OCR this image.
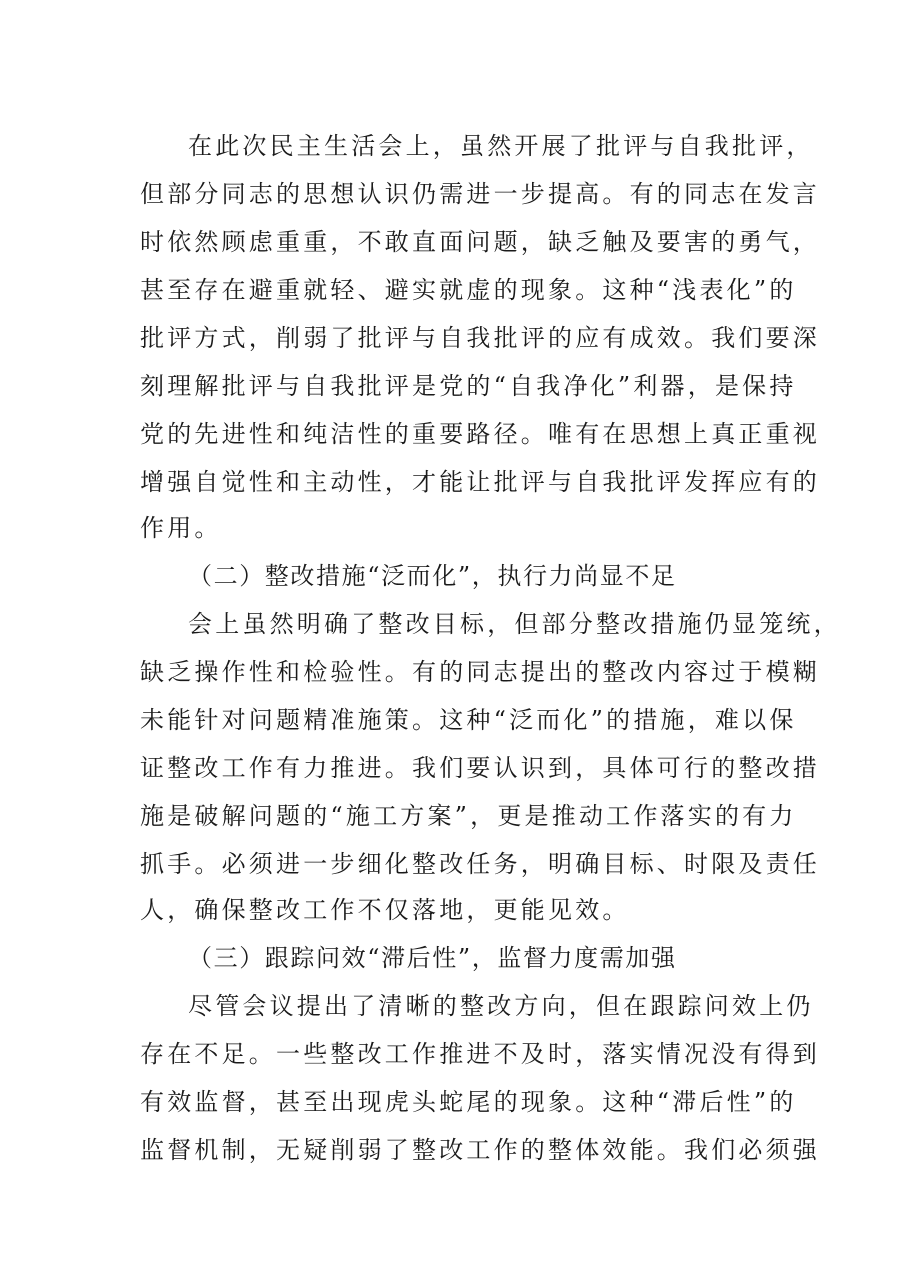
在此次民主生活会上，虽然开展了批评与自我批评，
但部分同志的思想认识仍需进一步提高。有的同志在发言
时依然顾虑重重，不敢直面问题，缺乏触及要害的勇气，
甚至存在避重就轻、避实就虚的现象。这种“浅表化”的
批评方式，削弱了批评与自我批评的应有成效。我们要深
刻理解批评与自我批评是党的“自我净化”利器，是保持
党的先进性和纯洁性的重要路径。唯有在思想上真正重视
增强自觉性和主动性，才能让批评与自我批评发挥应有的
作用。
（二）整改措施“泛而化”，执行力尚显不足
会上虽然明确了整改目标，但部分整改措施仍显笼统，
缺乏操作性和检验性。有的同志提出的整改内容过于模糊
未能针对问题精准施策。这种“泛而化”的措施，难以保
证整改工作有力推进。我们要认识到，具体可行的整改措
施是破解问题的“施工方案”，更是推动工作落实的有力
抓手。必须进一步细化整改任务，明确目标、时限及责任
人，确保整改工作不仅落地，更能见效。
（三）跟踪问效“滞后性”，监督力度需加强
尽管会议提出了清晰的整改方向，但在跟踪问效上仍
存在不足。一些整改工作推进不及时，落实情况没有得到
有效监督，甚至出现虎头蛇尾的现象。这种“滞后性”的
监督机制，无疑削弱了整改工作的整体效能。我们必须强
